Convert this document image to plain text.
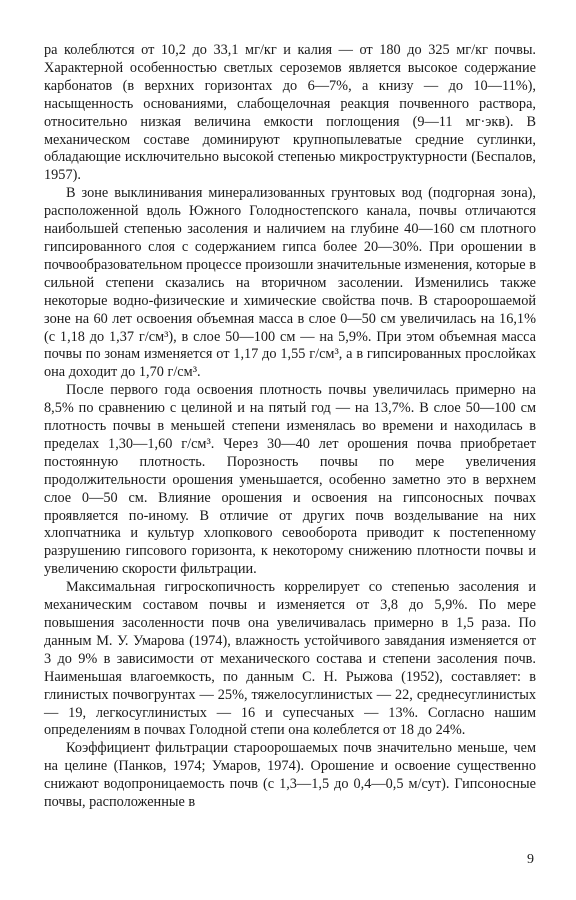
ра колеблются от 10,2 до 33,1 мг/кг и калия — от 180 до 325 мг/кг почвы. Характерной особенностью светлых сероземов является высокое содержание карбонатов (в верхних горизонтах до 6—7%, а книзу — до 10—11%), насыщенность основаниями, слабощелочная реакция почвенного раствора, относительно низкая величина емкости поглощения (9—11 мг·экв). В механическом составе доминируют крупнопылеватые средние суглинки, обладающие исключительно высокой степенью микроструктурности (Беспалов, 1957).

В зоне выклинивания минерализованных грунтовых вод (подгорная зона), расположенной вдоль Южного Голодностепского канала, почвы отличаются наибольшей степенью засоления и наличием на глубине 40—160 см плотного гипсированного слоя с содержанием гипса более 20—30%. При орошении в почвообразовательном процессе произошли значительные изменения, которые в сильной степени сказались на вторичном засолении. Изменились также некоторые водно-физические и химические свойства почв. В староорошаемой зоне на 60 лет освоения объемная масса в слое 0—50 см увеличилась на 16,1% (с 1,18 до 1,37 г/см³), в слое 50—100 см — на 5,9%. При этом объемная масса почвы по зонам изменяется от 1,17 до 1,55 г/см³, а в гипсированных прослойках она доходит до 1,70 г/см³.

После первого года освоения плотность почвы увеличилась примерно на 8,5% по сравнению с целиной и на пятый год — на 13,7%. В слое 50—100 см плотность почвы в меньшей степени изменялась во времени и находилась в пределах 1,30—1,60 г/см³. Через 30—40 лет орошения почва приобретает постоянную плотность. Порозность почвы по мере увеличения продолжительности орошения уменьшается, особенно заметно это в верхнем слое 0—50 см. Влияние орошения и освоения на гипсоносных почвах проявляется по-иному. В отличие от других почв возделывание на них хлопчатника и культур хлопкового севооборота приводит к постепенному разрушению гипсового горизонта, к некоторому снижению плотности почвы и увеличению скорости фильтрации.

Максимальная гигроскопичность коррелирует со степенью засоления и механическим составом почвы и изменяется от 3,8 до 5,9%. По мере повышения засоленности почв она увеличивалась примерно в 1,5 раза. По данным М. У. Умарова (1974), влажность устойчивого завядания изменяется от 3 до 9% в зависимости от механического состава и степени засоления почв. Наименьшая влагоемкость, по данным С. Н. Рыжова (1952), составляет: в глинистых почвогрунтах — 25%, тяжелосуглинистых — 22, среднесуглинистых — 19, легкосуглинистых — 16 и супесчаных — 13%. Согласно нашим определениям в почвах Голодной степи она колеблется от 18 до 24%.

Коэффициент фильтрации староорошаемых почв значительно меньше, чем на целине (Панков, 1974; Умаров, 1974). Орошение и освоение существенно снижают водопроницаемость почв (с 1,3—1,5 до 0,4—0,5 м/сут). Гипсоносные почвы, расположенные в

9
